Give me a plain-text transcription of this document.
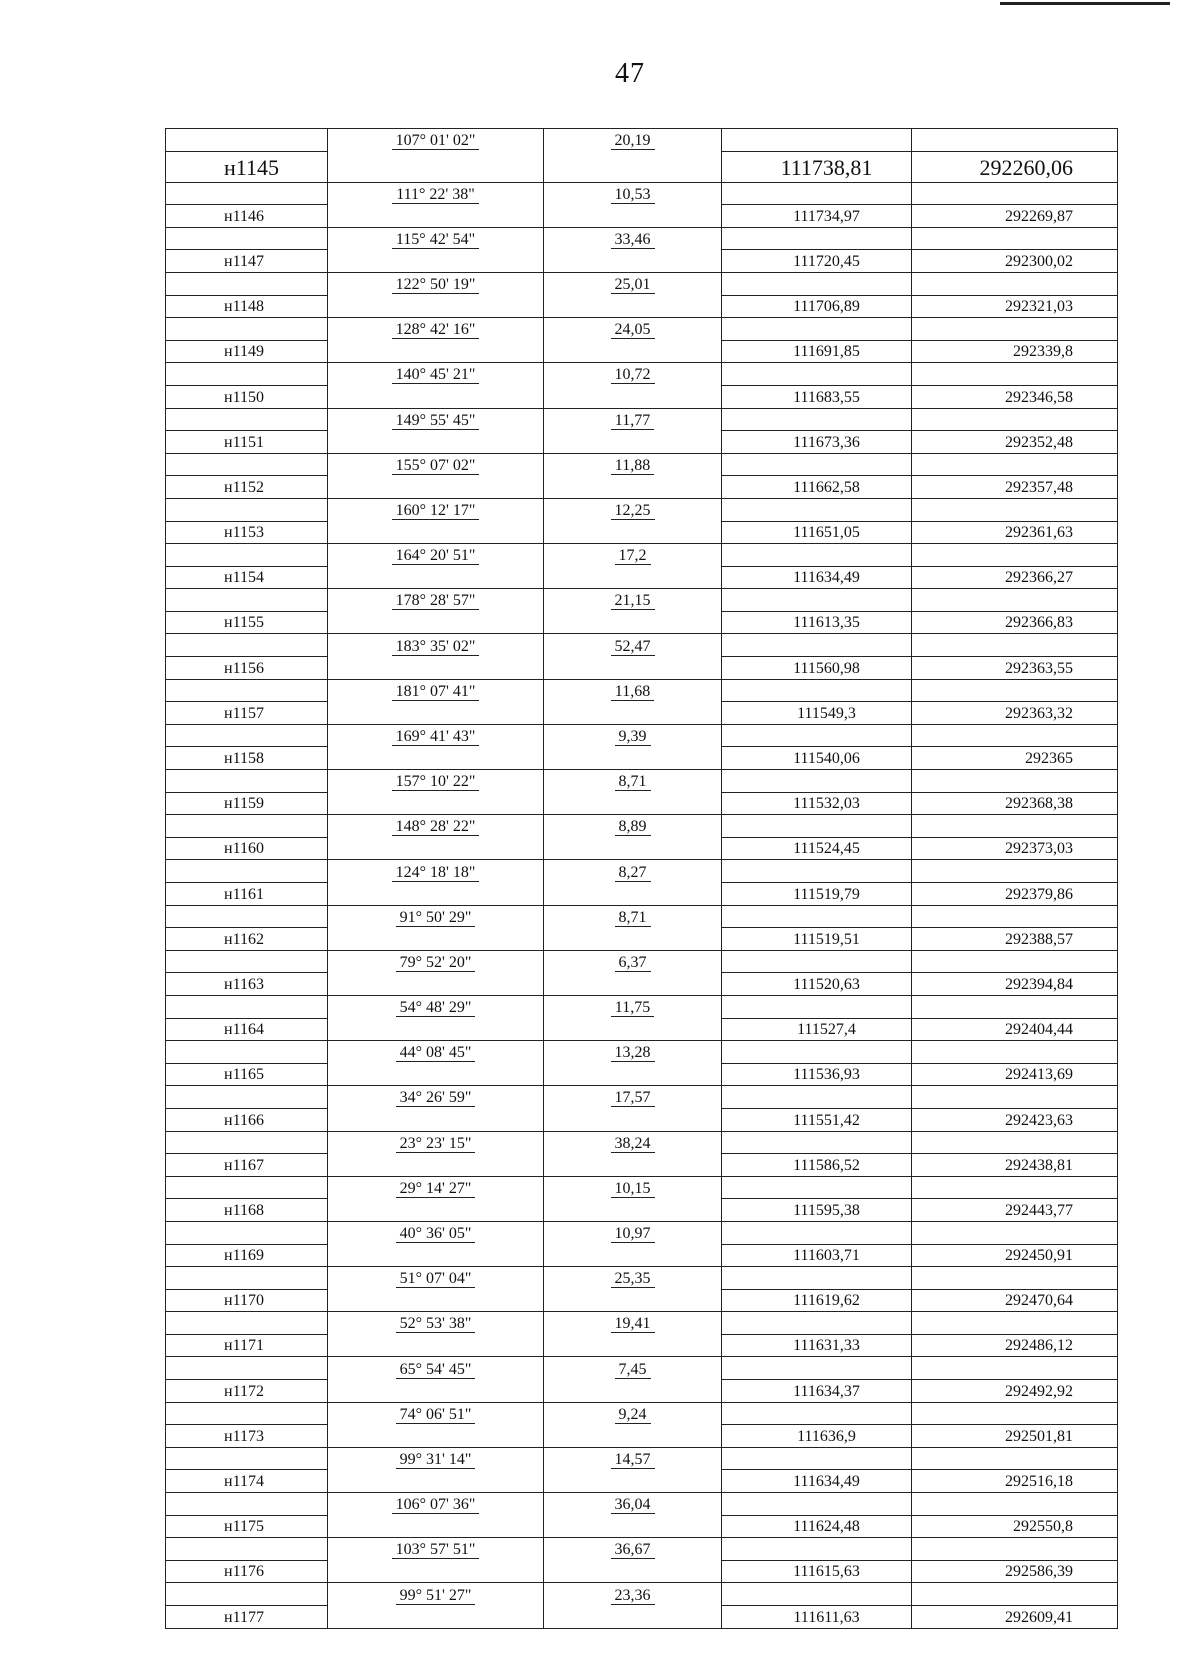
47
	107° 01' 02"	20,19		
н1145			111738,81	292260,06
	111° 22' 38"	10,53		
н1146			111734,97	292269,87
	115° 42' 54"	33,46		
н1147			111720,45	292300,02
	122° 50' 19"	25,01		
н1148			111706,89	292321,03
	128° 42' 16"	24,05		
н1149			111691,85	292339,8
	140° 45' 21"	10,72		
н1150			111683,55	292346,58
	149° 55' 45"	11,77		
н1151			111673,36	292352,48
	155° 07' 02"	11,88		
н1152			111662,58	292357,48
	160° 12' 17"	12,25		
н1153			111651,05	292361,63
	164° 20' 51"	17,2		
н1154			111634,49	292366,27
	178° 28' 57"	21,15		
н1155			111613,35	292366,83
	183° 35' 02"	52,47		
н1156			111560,98	292363,55
	181° 07' 41"	11,68		
н1157			111549,3	292363,32
	169° 41' 43"	9,39		
н1158			111540,06	292365
	157° 10' 22"	8,71		
н1159			111532,03	292368,38
	148° 28' 22"	8,89		
н1160			111524,45	292373,03
	124° 18' 18"	8,27		
н1161			111519,79	292379,86
	91° 50' 29"	8,71		
н1162			111519,51	292388,57
	79° 52' 20"	6,37		
н1163			111520,63	292394,84
	54° 48' 29"	11,75		
н1164			111527,4	292404,44
	44° 08' 45"	13,28		
н1165			111536,93	292413,69
	34° 26' 59"	17,57		
н1166			111551,42	292423,63
	23° 23' 15"	38,24		
н1167			111586,52	292438,81
	29° 14' 27"	10,15		
н1168			111595,38	292443,77
	40° 36' 05"	10,97		
н1169			111603,71	292450,91
	51° 07' 04"	25,35		
н1170			111619,62	292470,64
	52° 53' 38"	19,41		
н1171			111631,33	292486,12
	65° 54' 45"	7,45		
н1172			111634,37	292492,92
	74° 06' 51"	9,24		
н1173			111636,9	292501,81
	99° 31' 14"	14,57		
н1174			111634,49	292516,18
	106° 07' 36"	36,04		
н1175			111624,48	292550,8
	103° 57' 51"	36,67		
н1176			111615,63	292586,39
	99° 51' 27"	23,36		
н1177			111611,63	292609,41
